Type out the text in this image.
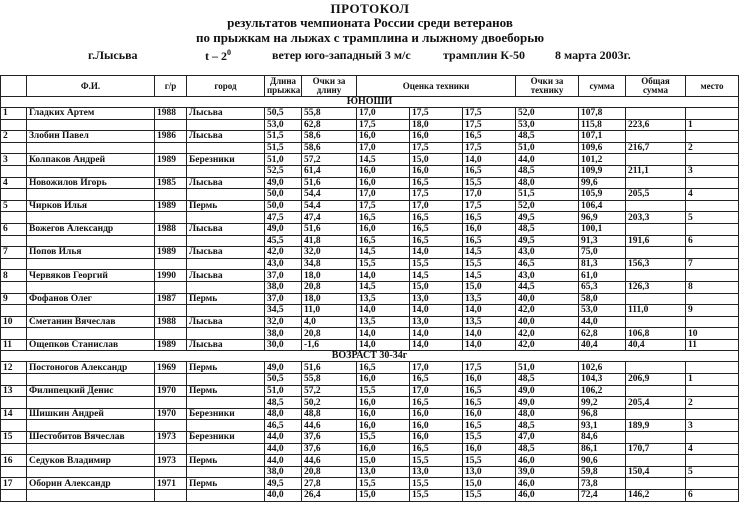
ПРОТОКОЛ
результатов чемпионата России среди ветеранов
по прыжкам на лыжах с трамплина и лыжному двоеборью
г.Лысьва	t – $2^0$	ветер юго-западный 3 м/с	трамплин К-50 8 марта 2003г.
	Ф.И.	г/р	город	Длина прыжка	Очки за длину	Оценка техники			Очки за технику	сумма	Общая сумма	место
ЮНОШИ												
1	Гладких Артем	1988	Лысьва	50,5	55,8	17,0	17,5	17,5	52,0	107,8		
				53,0	62,8	17,5	18,0	17,5	53,0	115,8	223,6	1
2	Злобин Павел	1986	Лысьва	51,5	58,6	16,0	16,0	16,5	48,5	107,1		
				51,5	58,6	17,0	17,5	17,5	51,0	109,6	216,7	2
3	Колпаков Андрей	1989	Березники	51,0	57,2	14,5	15,0	14,0	44,0	101,2		
				52,5	61,4	16,0	16,0	16,5	48,5	109,9	211,1	3
4	Новожилов Игорь	1985	Лысьва	49,0	51,6	16,0	16,5	15,5	48,0	99,6		
				50,0	54,4	17,0	17,5	17,0	51,5	105,9	205,5	4
5	Чирков Илья	1989	Пермь	50,0	54,4	17,5	17,0	17,5	52,0	106,4		
				47,5	47,4	16,5	16,5	16,5	49,5	96,9	203,3	5
6	Вожегов Александр	1988	Лысьва	49,0	51,6	16,0	16,5	16,0	48,5	100,1		
				45,5	41,8	16,5	16,5	16,5	49,5	91,3	191,6	6
7	Попов Илья	1989	Лысьва	42,0	32,0	14,5	14,0	14,5	43,0	75,0		
				43,0	34,8	15,5	15,5	15,5	46,5	81,3	156,3	7
8	Червяков Георгий	1990	Лысьва	37,0	18,0	14,0	14,5	14,5	43,0	61,0		
				38,0	20,8	14,5	15,0	15,0	44,5	65,3	126,3	8
9	Фофанов Олег	1987	Пермь	37,0	18,0	13,5	13,0	13,5	40,0	58,0		
				34,5	11,0	14,0	14,0	14,0	42,0	53,0	111,0	9
10	Сметанин Вячеслав	1988	Лысьва	32,0	4,0	13,5	13,0	13,5	40,0	44,0		
				38,0	20,8	14,0	14,0	14,0	42,0	62,8	106,8	10
11	Ощепков Станислав	1989	Лысьва	30,0	-1,6	14,0	14,0	14,0	42,0	40,4	40,4	11
ВОЗРАСТ 30-34г												
12	Постоногов Александр	1969	Пермь	49,0	51,6	16,5	17,0	17,5	51,0	102,6		
				50,5	55,8	16,0	16,5	16,0	48,5	104,3	206,9	1
13	Филипецкий Денис	1970	Пермь	51,0	57,2	15,5	17,0	16,5	49,0	106,2		
				48,5	50,2	16,0	16,5	16,5	49,0	99,2	205,4	2
14	Шишкин Андрей	1970	Березники	48,0	48,8	16,0	16,0	16,0	48,0	96,8		
				46,5	44,6	16,0	16,0	16,5	48,5	93,1	189,9	3
15	Шестобитов Вячеслав	1973	Березники	44,0	37,6	15,5	16,0	15,5	47,0	84,6		
				44,0	37,6	16,0	16,5	16,0	48,5	86,1	170,7	4
16	Седуков Владимир	1973	Пермь	44,0	44,6	15,0	15,5	15,5	46,0	90,6		
				38,0	20,8	13,0	13,0	13,0	39,0	59,8	150,4	5
17	Оборин Александр	1971	Пермь	49,5	27,8	15,5	15,5	15,0	46,0	73,8		
				40,0	26,4	15,0	15,5	15,5	46,0	72,4	146,2	6
